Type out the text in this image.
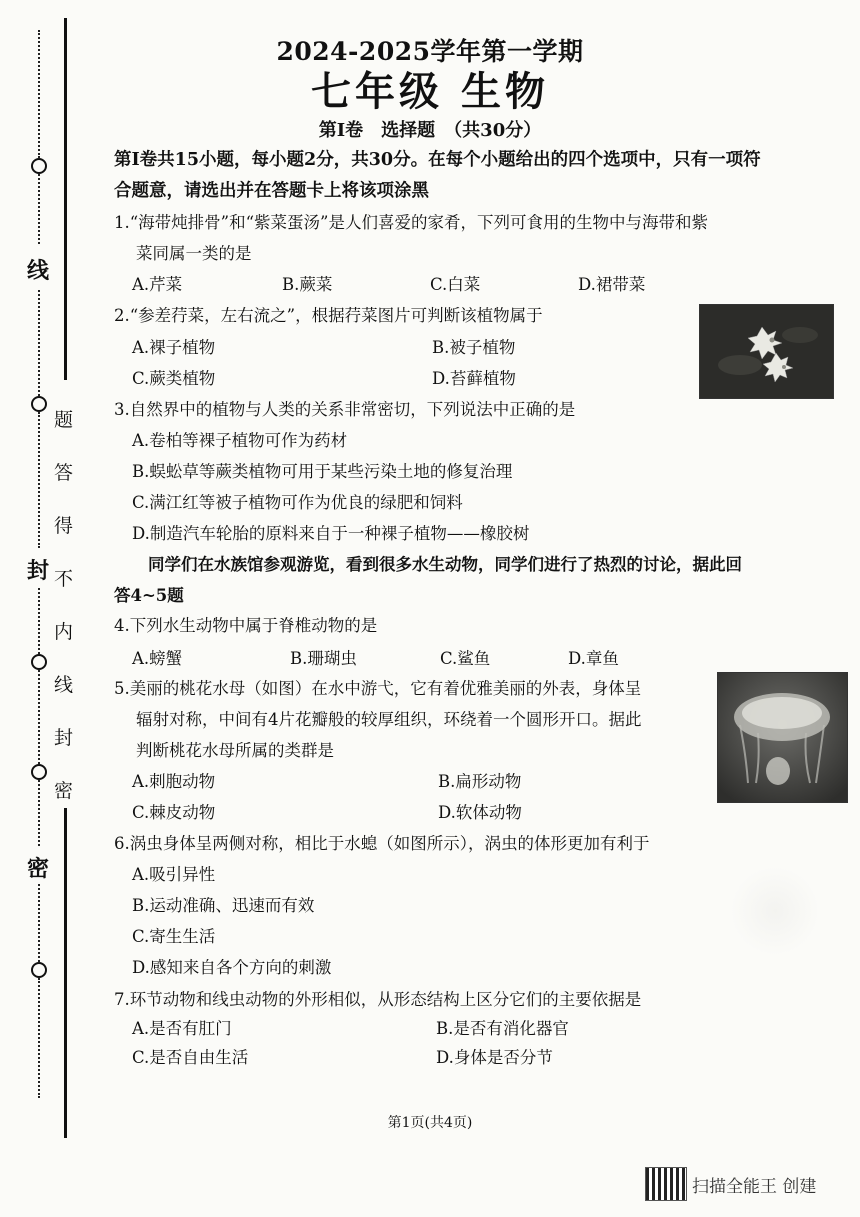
线
封
密
题
答
得
不
内
线
封
密
2024-2025学年第一学期
七年级 生物
第Ⅰ卷　选择题　（共30分）
第Ⅰ卷共15小题，每小题2分，共30分。在每个小题给出的四个选项中，只有一项符
合题意，请选出并在答题卡上将该项涂黑
1.“海带炖排骨”和“紫菜蛋汤”是人们喜爱的家肴，下列可食用的生物中与海带和紫
菜同属一类的是
A.芹菜	B.蕨菜	C.白菜	D.裙带菜
2.“参差荇菜，左右流之”，根据荇菜图片可判断该植物属于
A.裸子植物	B.被子植物
C.蕨类植物	D.苔藓植物
3.自然界中的植物与人类的关系非常密切，下列说法中正确的是
A.卷柏等裸子植物可作为药材
B.蜈蚣草等蕨类植物可用于某些污染土地的修复治理
C.满江红等被子植物可作为优良的绿肥和饲料
D.制造汽车轮胎的原料来自于一种裸子植物——橡胶树
同学们在水族馆参观游览，看到很多水生动物，同学们进行了热烈的讨论，据此回
答4~5题
4.下列水生动物中属于脊椎动物的是
A.螃蟹	B.珊瑚虫	C.鲨鱼	D.章鱼
5.美丽的桃花水母（如图）在水中游弋，它有着优雅美丽的外表，身体呈
辐射对称，中间有4片花瓣般的较厚组织，环绕着一个圆形开口。据此
判断桃花水母所属的类群是
A.刺胞动物	B.扁形动物
C.棘皮动物	D.软体动物
6.涡虫身体呈两侧对称，相比于水螅（如图所示），涡虫的体形更加有利于
A.吸引异性
B.运动准确、迅速而有效
C.寄生生活
D.感知来自各个方向的刺激
7.环节动物和线虫动物的外形相似，从形态结构上区分它们的主要依据是
A.是否有肛门	B.是否有消化器官
C.是否自由生活	D.身体是否分节
第1页(共4页)
扫描全能王 创建
